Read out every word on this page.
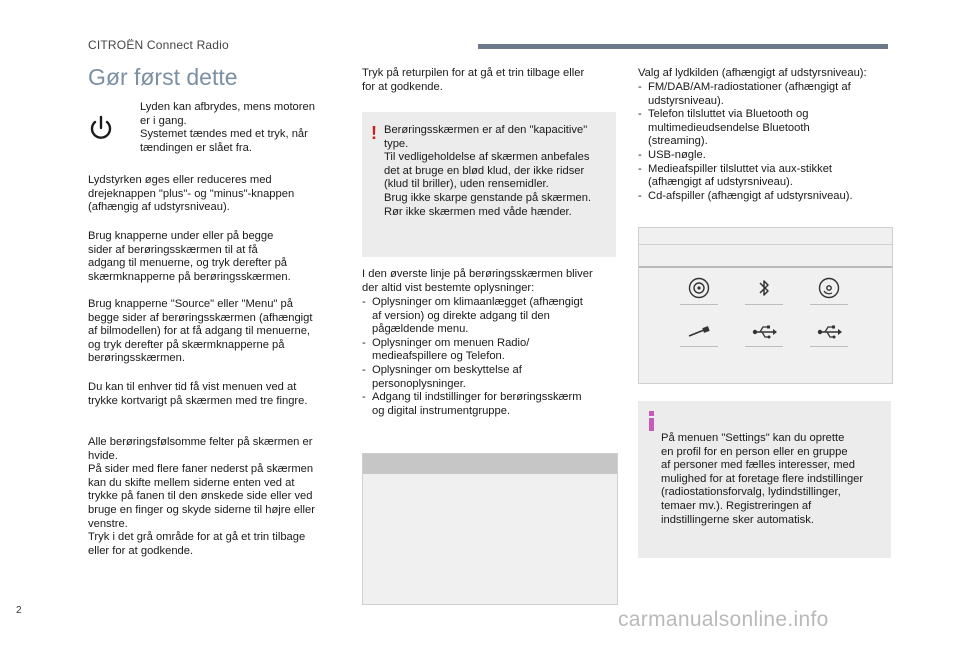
CITROËN Connect Radio
Gør først dette
Lyden kan afbrydes, mens motoren
er i gang.
Systemet tændes med et tryk, når
tændingen er slået fra.
Lydstyrken øges eller reduceres med
drejeknappen "plus"- og "minus"-knappen
(afhængig af udstyrsniveau).
Brug knapperne under eller på begge
sider af berøringsskærmen til at få
adgang til menuerne, og tryk derefter på
skærmknapperne på berøringsskærmen.
Brug knapperne "Source" eller "Menu" på
begge sider af berøringsskærmen (afhængigt
af bilmodellen) for at få adgang til menuerne,
og tryk derefter på skærmknapperne på
berøringsskærmen.
Du kan til enhver tid få vist menuen ved at
trykke kortvarigt på skærmen med tre fingre.
Alle berøringsfølsomme felter på skærmen er
hvide.
På sider med flere faner nederst på skærmen
kan du skifte mellem siderne enten ved at
trykke på fanen til den ønskede side eller ved
bruge en finger og skyde siderne til højre eller
venstre.
Tryk i det grå område for at gå et trin tilbage
eller for at godkende.
Tryk på returpilen for at gå et trin tilbage eller
for at godkende.
! Berøringsskærmen er af den "kapacitive"
type.
Til vedligeholdelse af skærmen anbefales
det at bruge en blød klud, der ikke ridser
(klud til briller), uden rensemidler.
Brug ikke skarpe genstande på skærmen.
Rør ikke skærmen med våde hænder.
I den øverste linje på berøringsskærmen bliver
der altid vist bestemte oplysninger:
- Oplysninger om klimaanlægget (afhængigt
af version) og direkte adgang til den
pågældende menu.
- Oplysninger om menuen Radio/
medieafspillere og Telefon.
- Oplysninger om beskyttelse af
personoplysninger.
- Adgang til indstillinger for berøringsskærm
og digital instrumentgruppe.
Valg af lydkilden (afhængigt af udstyrsniveau):
- FM/DAB/AM-radiostationer (afhængigt af
udstyrsniveau).
- Telefon tilsluttet via Bluetooth og
multimedieudsendelse Bluetooth
(streaming).
- USB-nøgle.
- Medieafspiller tilsluttet via aux-stikket
(afhængigt af udstyrsniveau).
- Cd-afspiller (afhængigt af udstyrsniveau).
På menuen "Settings" kan du oprette
en profil for en person eller en gruppe
af personer med fælles interesser, med
mulighed for at foretage flere indstillinger
(radiostationsforvalg, lydindstillinger,
temaer mv.). Registreringen af
indstillingerne sker automatisk.
2	carmanualsonline.info
